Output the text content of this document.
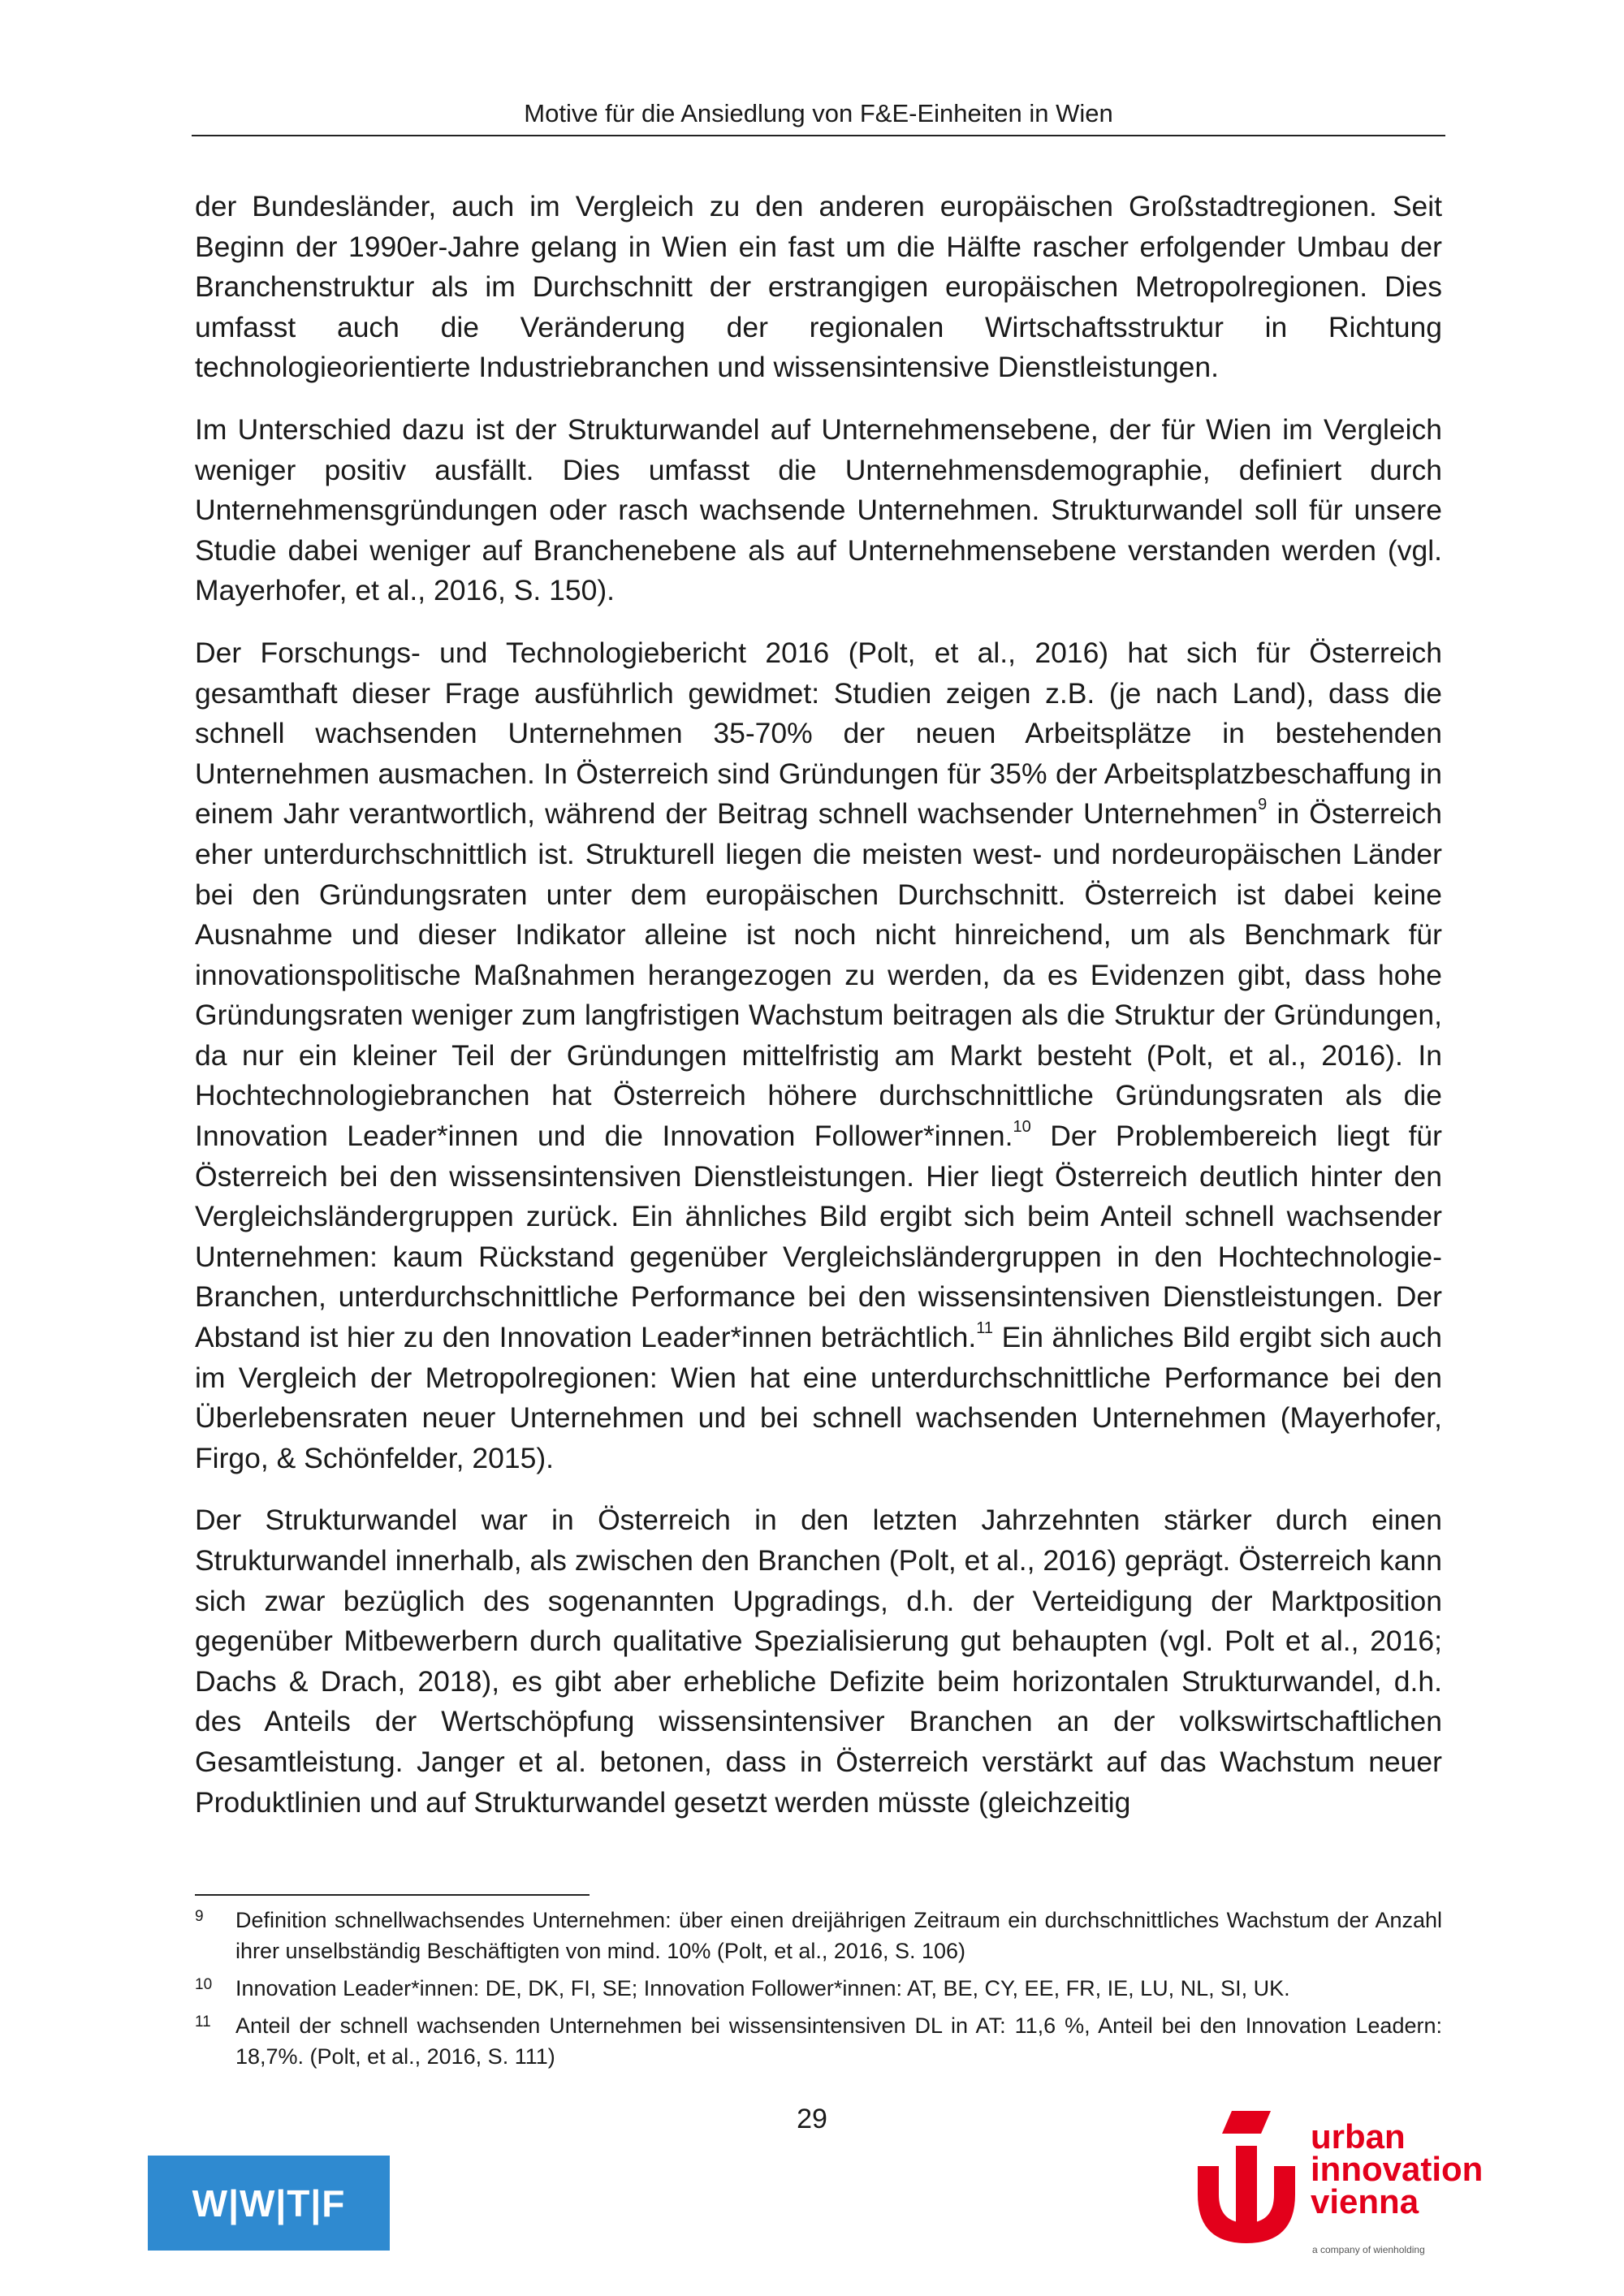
Motive für die Ansiedlung von F&E-Einheiten in Wien

der Bundesländer, auch im Vergleich zu den anderen europäischen Großstadtregionen. Seit Beginn der 1990er-Jahre gelang in Wien ein fast um die Hälfte rascher erfolgender Umbau der Branchenstruktur als im Durchschnitt der erstrangigen europäischen Metropolregionen. Dies umfasst auch die Veränderung der regionalen Wirtschaftsstruktur in Richtung technologieorientierte Industriebranchen und wissensintensive Dienstleistungen.

Im Unterschied dazu ist der Strukturwandel auf Unternehmensebene, der für Wien im Vergleich weniger positiv ausfällt. Dies umfasst die Unternehmensdemographie, definiert durch Unternehmensgründungen oder rasch wachsende Unternehmen. Strukturwandel soll für unsere Studie dabei weniger auf Branchenebene als auf Unternehmensebene verstanden werden (vgl. Mayerhofer, et al., 2016, S. 150).

Der Forschungs- und Technologiebericht 2016 (Polt, et al., 2016) hat sich für Österreich gesamthaft dieser Frage ausführlich gewidmet: Studien zeigen z.B. (je nach Land), dass die schnell wachsenden Unternehmen 35-70% der neuen Arbeitsplätze in bestehenden Unternehmen ausmachen. In Österreich sind Gründungen für 35% der Arbeitsplatzbeschaffung in einem Jahr verantwortlich, während der Beitrag schnell wachsender Unternehmen$^9$ in Österreich eher unterdurchschnittlich ist. Strukturell liegen die meisten west- und nordeuropäischen Länder bei den Gründungsraten unter dem europäischen Durchschnitt. Österreich ist dabei keine Ausnahme und dieser Indikator alleine ist noch nicht hinreichend, um als Benchmark für innovationspolitische Maßnahmen herangezogen zu werden, da es Evidenzen gibt, dass hohe Gründungsraten weniger zum langfristigen Wachstum beitragen als die Struktur der Gründungen, da nur ein kleiner Teil der Gründungen mittelfristig am Markt besteht (Polt, et al., 2016). In Hochtechnologiebranchen hat Österreich höhere durchschnittliche Gründungsraten als die Innovation Leader*innen und die Innovation Follower*innen.$^{10}$ Der Problembereich liegt für Österreich bei den wissensintensiven Dienstleistungen. Hier liegt Österreich deutlich hinter den Vergleichsländergruppen zurück. Ein ähnliches Bild ergibt sich beim Anteil schnell wachsender Unternehmen: kaum Rückstand gegenüber Vergleichsländergruppen in den Hochtechnologie-Branchen, unterdurchschnittliche Performance bei den wissensintensiven Dienstleistungen. Der Abstand ist hier zu den Innovation Leader*innen beträchtlich.$^{11}$ Ein ähnliches Bild ergibt sich auch im Vergleich der Metropolregionen: Wien hat eine unterdurchschnittliche Performance bei den Überlebensraten neuer Unternehmen und bei schnell wachsenden Unternehmen (Mayerhofer, Firgo, & Schönfelder, 2015).

Der Strukturwandel war in Österreich in den letzten Jahrzehnten stärker durch einen Strukturwandel innerhalb, als zwischen den Branchen (Polt, et al., 2016) geprägt. Österreich kann sich zwar bezüglich des sogenannten Upgradings, d.h. der Verteidigung der Marktposition gegenüber Mitbewerbern durch qualitative Spezialisierung gut behaupten (vgl. Polt et al., 2016; Dachs & Drach, 2018), es gibt aber erhebliche Defizite beim horizontalen Strukturwandel, d.h. des Anteils der Wertschöpfung wissensintensiver Branchen an der volkswirtschaftlichen Gesamtleistung. Janger et al. betonen, dass in Österreich verstärkt auf das Wachstum neuer Produktlinien und auf Strukturwandel gesetzt werden müsste (gleichzeitig

9	Definition schnellwachsendes Unternehmen: über einen dreijährigen Zeitraum ein durchschnittliches Wachstum der Anzahl ihrer unselbständig Beschäftigten von mind. 10% (Polt, et al., 2016, S. 106)
10	Innovation Leader*innen: DE, DK, FI, SE; Innovation Follower*innen: AT, BE, CY, EE, FR, IE, LU, NL, SI, UK.
11	Anteil der schnell wachsenden Unternehmen bei wissensintensiven DL in AT: 11,6 %, Anteil bei den Innovation Leadern: 18,7%. (Polt, et al., 2016, S. 111)
29
W|W|T|F
urban
innovation
vienna
a company of wienholding
